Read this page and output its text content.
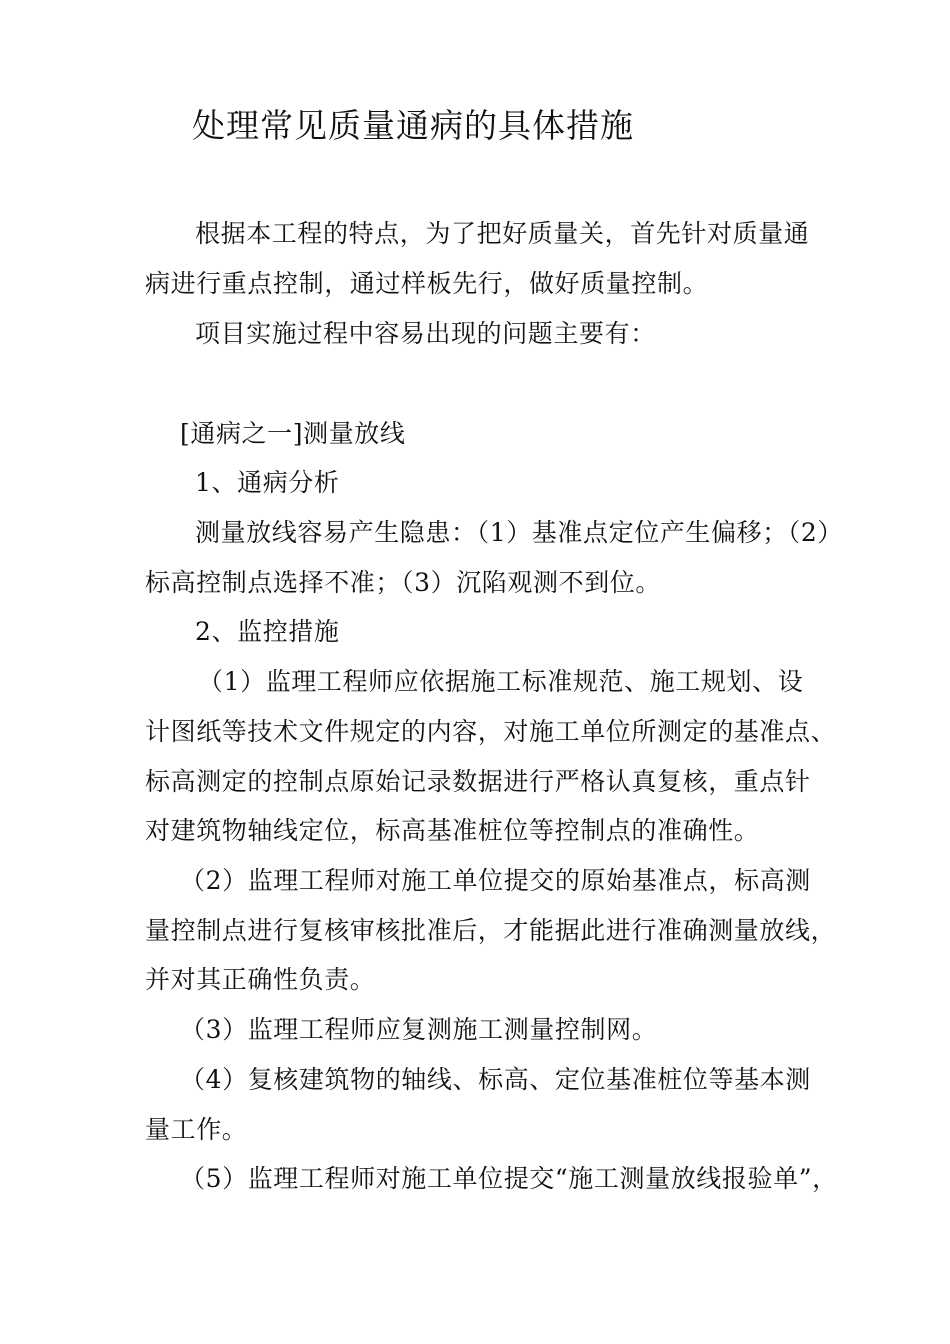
处理常见质量通病的具体措施
根据本工程的特点，为了把好质量关，首先针对质量通
病进行重点控制，通过样板先行，做好质量控制。
项目实施过程中容易出现的问题主要有：
[通病之一]测量放线
1、通病分析
测量放线容易产生隐患：（1）基准点定位产生偏移；（2）
标高控制点选择不准；（3）沉陷观测不到位。
2、监控措施
（1）监理工程师应依据施工标准规范、施工规划、设
计图纸等技术文件规定的内容，对施工单位所测定的基准点、
标高测定的控制点原始记录数据进行严格认真复核，重点针
对建筑物轴线定位，标高基准桩位等控制点的准确性。
（2）监理工程师对施工单位提交的原始基准点，标高测
量控制点进行复核审核批准后，才能据此进行准确测量放线，
并对其正确性负责。
（3）监理工程师应复测施工测量控制网。
（4）复核建筑物的轴线、标高、定位基准桩位等基本测
量工作。
（5）监理工程师对施工单位提交“施工测量放线报验单”，
